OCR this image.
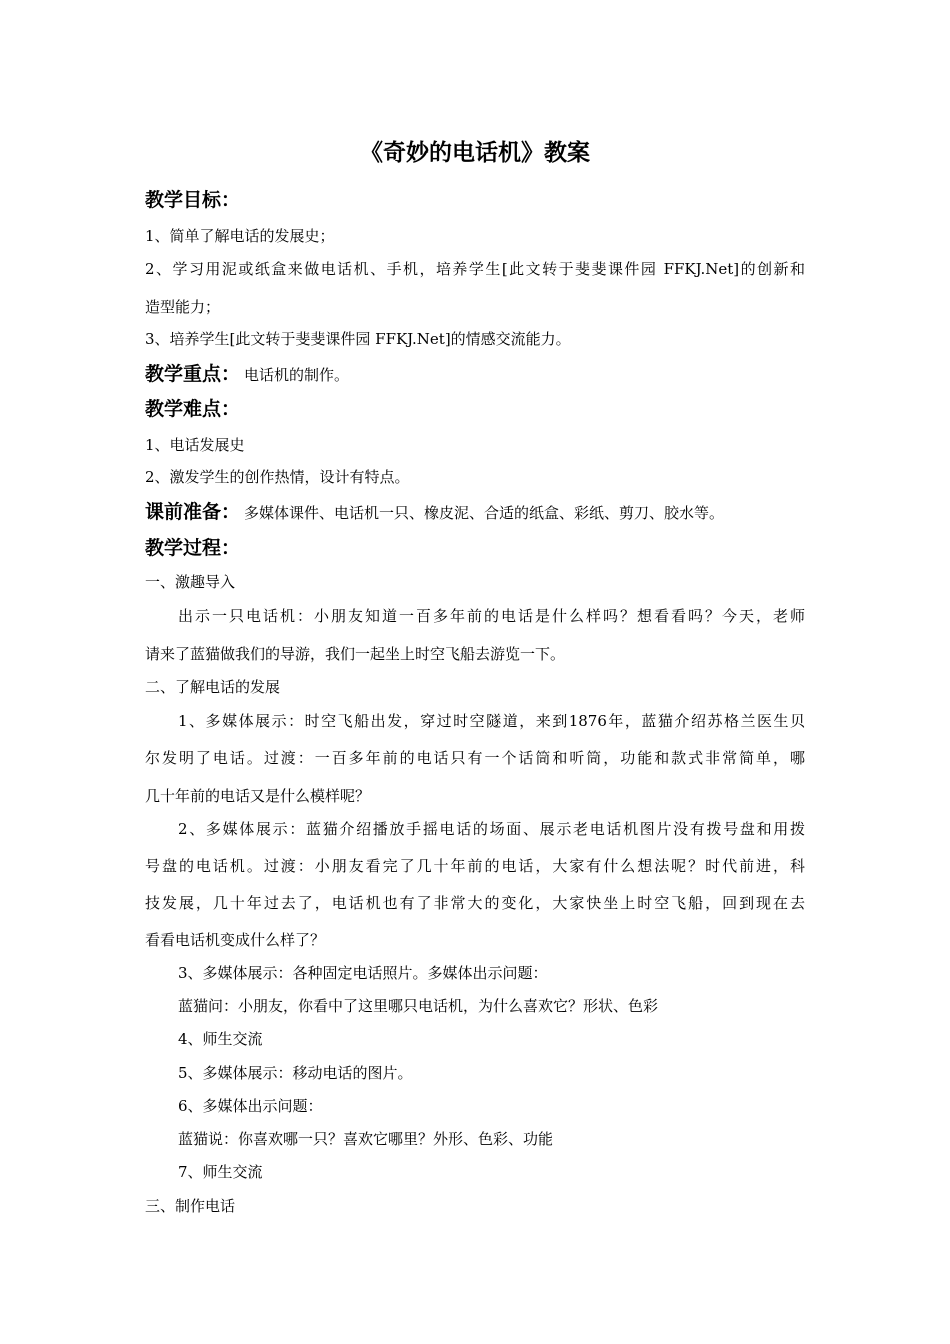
《奇妙的电话机》教案
教学目标：
1、简单了解电话的发展史；
2、学习用泥或纸盒来做电话机、手机，培养学生[此文转于斐斐课件园 FFKJ.Net]的创新和
造型能力；
3、培养学生[此文转于斐斐课件园 FFKJ.Net]的情感交流能力。
教学重点： 电话机的制作。
教学难点：
1、电话发展史
2、激发学生的创作热情，设计有特点。
课前准备： 多媒体课件、电话机一只、橡皮泥、合适的纸盒、彩纸、剪刀、胶水等。
教学过程：
一、激趣导入
出示一只电话机：小朋友知道一百多年前的电话是什么样吗？想看看吗？今天，老师
请来了蓝猫做我们的导游，我们一起坐上时空飞船去游览一下。
二、了解电话的发展
1、多媒体展示：时空飞船出发，穿过时空隧道，来到1876年，蓝猫介绍苏格兰医生贝
尔发明了电话。过渡：一百多年前的电话只有一个话筒和听筒，功能和款式非常简单，哪
几十年前的电话又是什么模样呢？
2、多媒体展示：蓝猫介绍播放手摇电话的场面、展示老电话机图片没有拨号盘和用拨
号盘的电话机。过渡：小朋友看完了几十年前的电话，大家有什么想法呢？时代前进，科
技发展，几十年过去了，电话机也有了非常大的变化，大家快坐上时空飞船，回到现在去
看看电话机变成什么样了？
3、多媒体展示：各种固定电话照片。多媒体出示问题：
蓝猫问：小朋友，你看中了这里哪只电话机，为什么喜欢它？形状、色彩
4、师生交流
5、多媒体展示：移动电话的图片。
6、多媒体出示问题：
蓝猫说：你喜欢哪一只？喜欢它哪里？外形、色彩、功能
7、师生交流
三、制作电话
